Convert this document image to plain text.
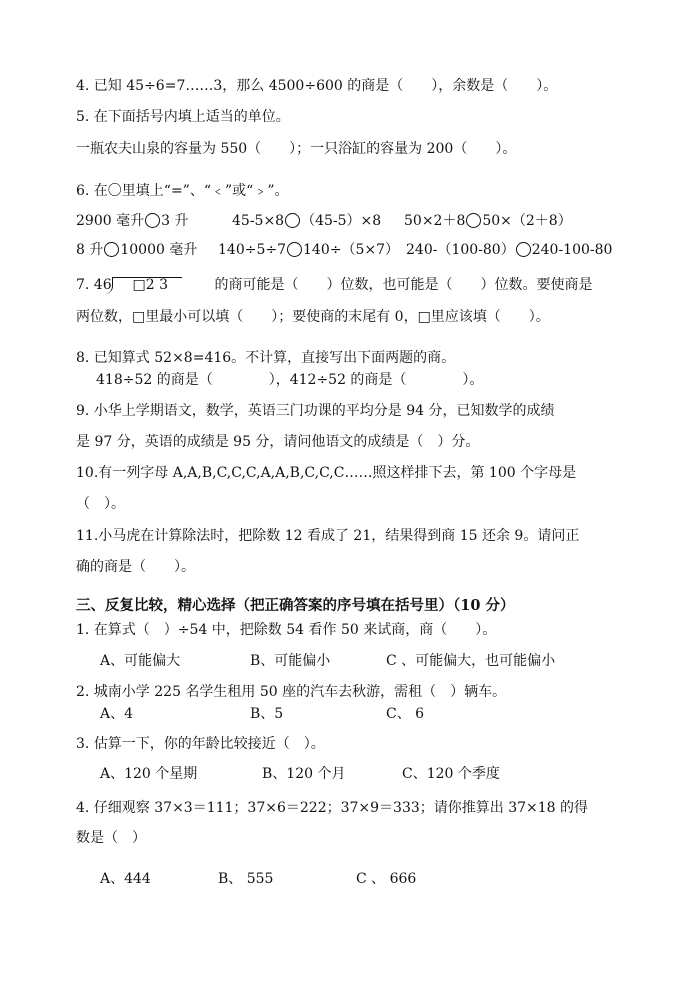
4. 已知 45÷6=7……3，那么 4500÷600 的商是（　　），余数是（　　）。
5. 在下面括号内填上适当的单位。
一瓶农夫山泉的容量为 550（　　）；一只浴缸的容量为 200（　　）。
6. 在〇里填上“=”、“﹤”或“﹥”。
2900 毫升 3 升	45-5×8 （45-5）×8 50×2＋8 50×（2＋8）
8 升 10000 毫升 140÷5÷7 140÷（5×7） 240-（100-80） 240-100-80
7. 46 □2 3	的商可能是（　　）位数，也可能是（　　）位数。要使商是
两位数，□里最小可以填（　　）；要使商的末尾有 0，□里应该填（　　）。
8. 已知算式 52×8=416。不计算，直接写出下面两题的商。
418÷52 的商是（　　　　），412÷52 的商是（　　　　）。
9. 小华上学期语文，数学，英语三门功课的平均分是 94 分，已知数学的成绩
是 97 分，英语的成绩是 95 分，请问他语文的成绩是（　）分。
10.有一列字母 A,A,B,C,C,C,A,A,B,C,C,C……照这样排下去，第 100 个字母是
（　）。
11.小马虎在计算除法时，把除数 12 看成了 21，结果得到商 15 还余 9。请问正
确的商是（　　）。
三、反复比较，精心选择（把正确答案的序号填在括号里）（10 分）
1. 在算式（　）÷54 中，把除数 54 看作 50 来试商，商（　　）。
A、可能偏大	B、可能偏小	C 、可能偏大，也可能偏小
2. 城南小学 225 名学生租用 50 座的汽车去秋游，需租（　）辆车。
A、4	B、5	C、 6
3. 估算一下，你的年龄比较接近（　）。
A、120 个星期	B、120 个月	C、120 个季度
4. 仔细观察 37×3＝111；37×6＝222；37×9＝333；请你推算出 37×18 的得
数是（　）
A、444	B、 555	C 、 666
